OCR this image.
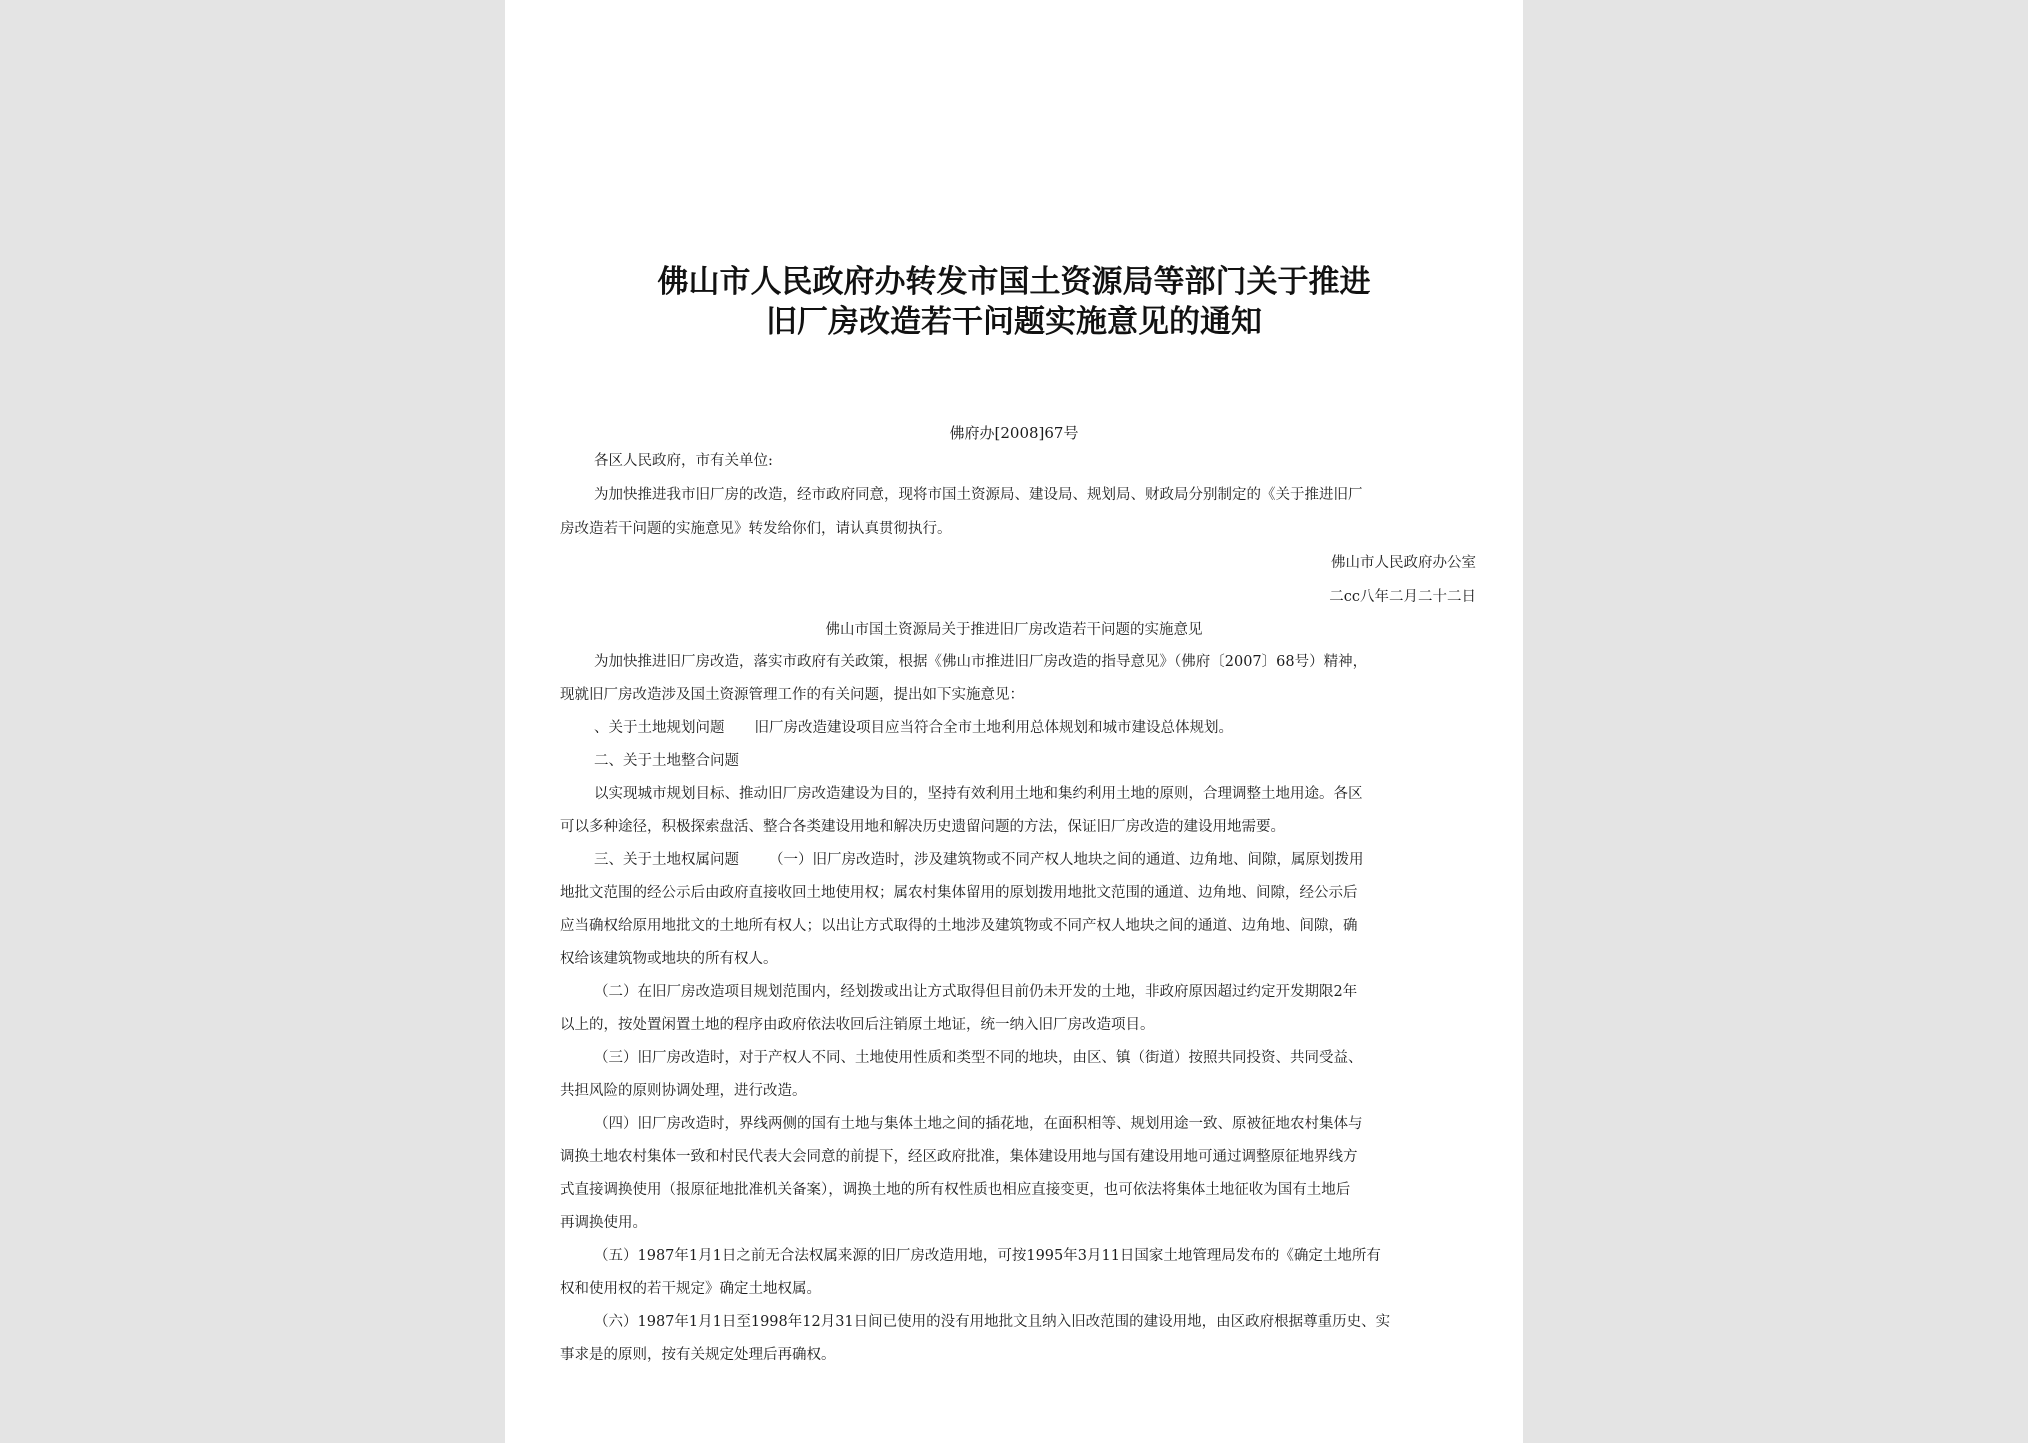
佛山市人民政府办转发市国土资源局等部门关于推进
旧厂房改造若干问题实施意见的通知
佛府办[2008]67号
各区人民政府，市有关单位:
为加快推进我市旧厂房的改造，经市政府同意，现将市国土资源局、建设局、规划局、财政局分别制定的《关于推进旧厂
房改造若干问题的实施意见》转发给你们，请认真贯彻执行。
佛山市人民政府办公室
二cc八年二月二十二日
佛山市国土资源局关于推进旧厂房改造若干问题的实施意见
为加快推进旧厂房改造，落实市政府有关政策，根据《佛山市推进旧厂房改造的指导意见》（佛府〔2007〕68号）精神，
现就旧厂房改造涉及国土资源管理工作的有关问题，提出如下实施意见：
、关于土地规划问题 旧厂房改造建设项目应当符合全市土地利用总体规划和城市建设总体规划。
二、关于土地整合问题
以实现城市规划目标、推动旧厂房改造建设为目的，坚持有效利用土地和集约利用土地的原则，合理调整土地用途。各区
可以多种途径，积极探索盘活、整合各类建设用地和解决历史遗留问题的方法，保证旧厂房改造的建设用地需要。
三、关于土地权属问题 （一）旧厂房改造时，涉及建筑物或不同产权人地块之间的通道、边角地、间隙，属原划拨用
地批文范围的经公示后由政府直接收回土地使用权；属农村集体留用的原划拨用地批文范围的通道、边角地、间隙，经公示后
应当确权给原用地批文的土地所有权人；以出让方式取得的土地涉及建筑物或不同产权人地块之间的通道、边角地、间隙，确
权给该建筑物或地块的所有权人。
（二）在旧厂房改造项目规划范围内，经划拨或出让方式取得但目前仍未开发的土地，非政府原因超过约定开发期限2年
以上的，按处置闲置土地的程序由政府依法收回后注销原土地证，统一纳入旧厂房改造项目。
（三）旧厂房改造时，对于产权人不同、土地使用性质和类型不同的地块，由区、镇（街道）按照共同投资、共同受益、
共担风险的原则协调处理，进行改造。
（四）旧厂房改造时，界线两侧的国有土地与集体土地之间的插花地，在面积相等、规划用途一致、原被征地农村集体与
调换土地农村集体一致和村民代表大会同意的前提下，经区政府批准，集体建设用地与国有建设用地可通过调整原征地界线方
式直接调换使用（报原征地批准机关备案），调换土地的所有权性质也相应直接变更，也可依法将集体土地征收为国有土地后
再调换使用。
（五）1987年1月1日之前无合法权属来源的旧厂房改造用地，可按1995年3月11日国家土地管理局发布的《确定土地所有
权和使用权的若干规定》确定土地权属。
（六）1987年1月1日至1998年12月31日间已使用的没有用地批文且纳入旧改范围的建设用地，由区政府根据尊重历史、实
事求是的原则，按有关规定处理后再确权。
